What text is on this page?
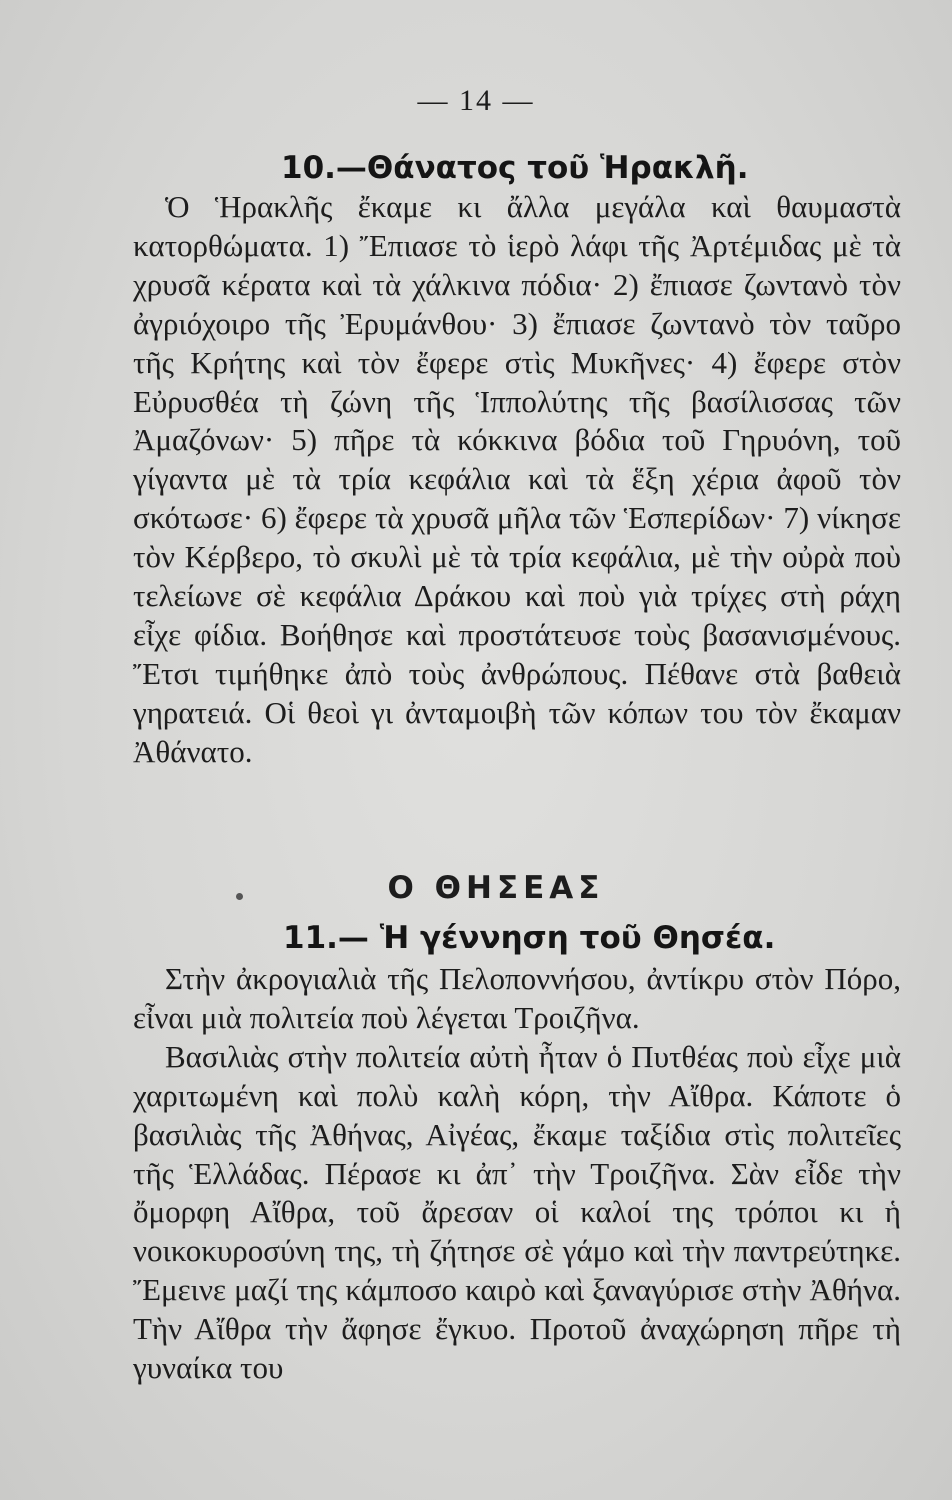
— 14 —
10.—Θάνατος τοῦ Ἡρακλῆ.

Ὁ Ἡρακλῆς ἔκαμε κι ἄλλα μεγάλα καὶ θαυμαστὰ κατορθώματα. 1) Ἔπιασε τὸ ἱερὸ λάφι τῆς Ἀρτέμιδας μὲ τὰ χρυσᾶ κέρατα καὶ τὰ χάλκινα πόδια· 2) ἔπιασε ζωντανὸ τὸν ἀγριόχοιρο τῆς Ἐρυμάνθου· 3) ἔπιασε ζωντανὸ τὸν ταῦρο τῆς Κρήτης καὶ τὸν ἔφερε στὶς Μυκῆνες· 4) ἔφερε στὸν Εὐρυσθέα τὴ ζώνη τῆς Ἱππολύτης τῆς βασίλισσας τῶν Ἀμαζόνων· 5) πῆρε τὰ κόκκινα βόδια τοῦ Γηρυόνη, τοῦ γίγαντα μὲ τὰ τρία κεφάλια καὶ τὰ ἕξη χέρια ἀφοῦ τὸν σκότωσε· 6) ἔφερε τὰ χρυσᾶ μῆλα τῶν Ἑσπερίδων· 7) νίκησε τὸν Κέρβερο, τὸ σκυλὶ μὲ τὰ τρία κεφάλια, μὲ τὴν οὐρὰ ποὺ τελείωνε σὲ κεφάλια Δράκου καὶ ποὺ γιὰ τρίχες στὴ ράχη εἶχε φίδια. Βοήθησε καὶ προστάτευσε τοὺς βασανισμένους. Ἔτσι τιμήθηκε ἀπὸ τοὺς ἀνθρώπους. Πέθανε στὰ βαθειὰ γηρατειά. Οἱ θεοὶ γι ἀνταμοιβὴ τῶν κόπων του τὸν ἔκαμαν Ἀθάνατο.

Ο ΘΗΣΕΑΣ
11.— Ἡ γέννηση τοῦ Θησέα.

Στὴν ἀκρογιαλιὰ τῆς Πελοποννήσου, ἀντίκρυ στὸν Πόρο, εἶναι μιὰ πολιτεία ποὺ λέγεται Τροιζῆνα.

Βασιλιὰς στὴν πολιτεία αὐτὴ ἦταν ὁ Πυτθέας ποὺ εἶχε μιὰ χαριτωμένη καὶ πολὺ καλὴ κόρη, τὴν Αἴθρα. Κάποτε ὁ βασιλιὰς τῆς Ἀθήνας, Αἰγέας, ἔκαμε ταξίδια στὶς πολιτεῖες τῆς Ἑλλάδας. Πέρασε κι ἀπ᾽ τὴν Τροιζῆνα. Σὰν εἶδε τὴν ὄμορφη Αἴθρα, τοῦ ἄρεσαν οἱ καλοί της τρόποι κι ἡ νοικοκυροσύνη της, τὴ ζήτησε σὲ γάμο καὶ τὴν παντρεύτηκε. Ἔμεινε μαζί της κάμποσο καιρὸ καὶ ξαναγύρισε στὴν Ἀθήνα. Τὴν Αἴθρα τὴν ἄφησε ἔγκυο. Προτοῦ ἀναχώρηση πῆρε τὴ γυναίκα του
